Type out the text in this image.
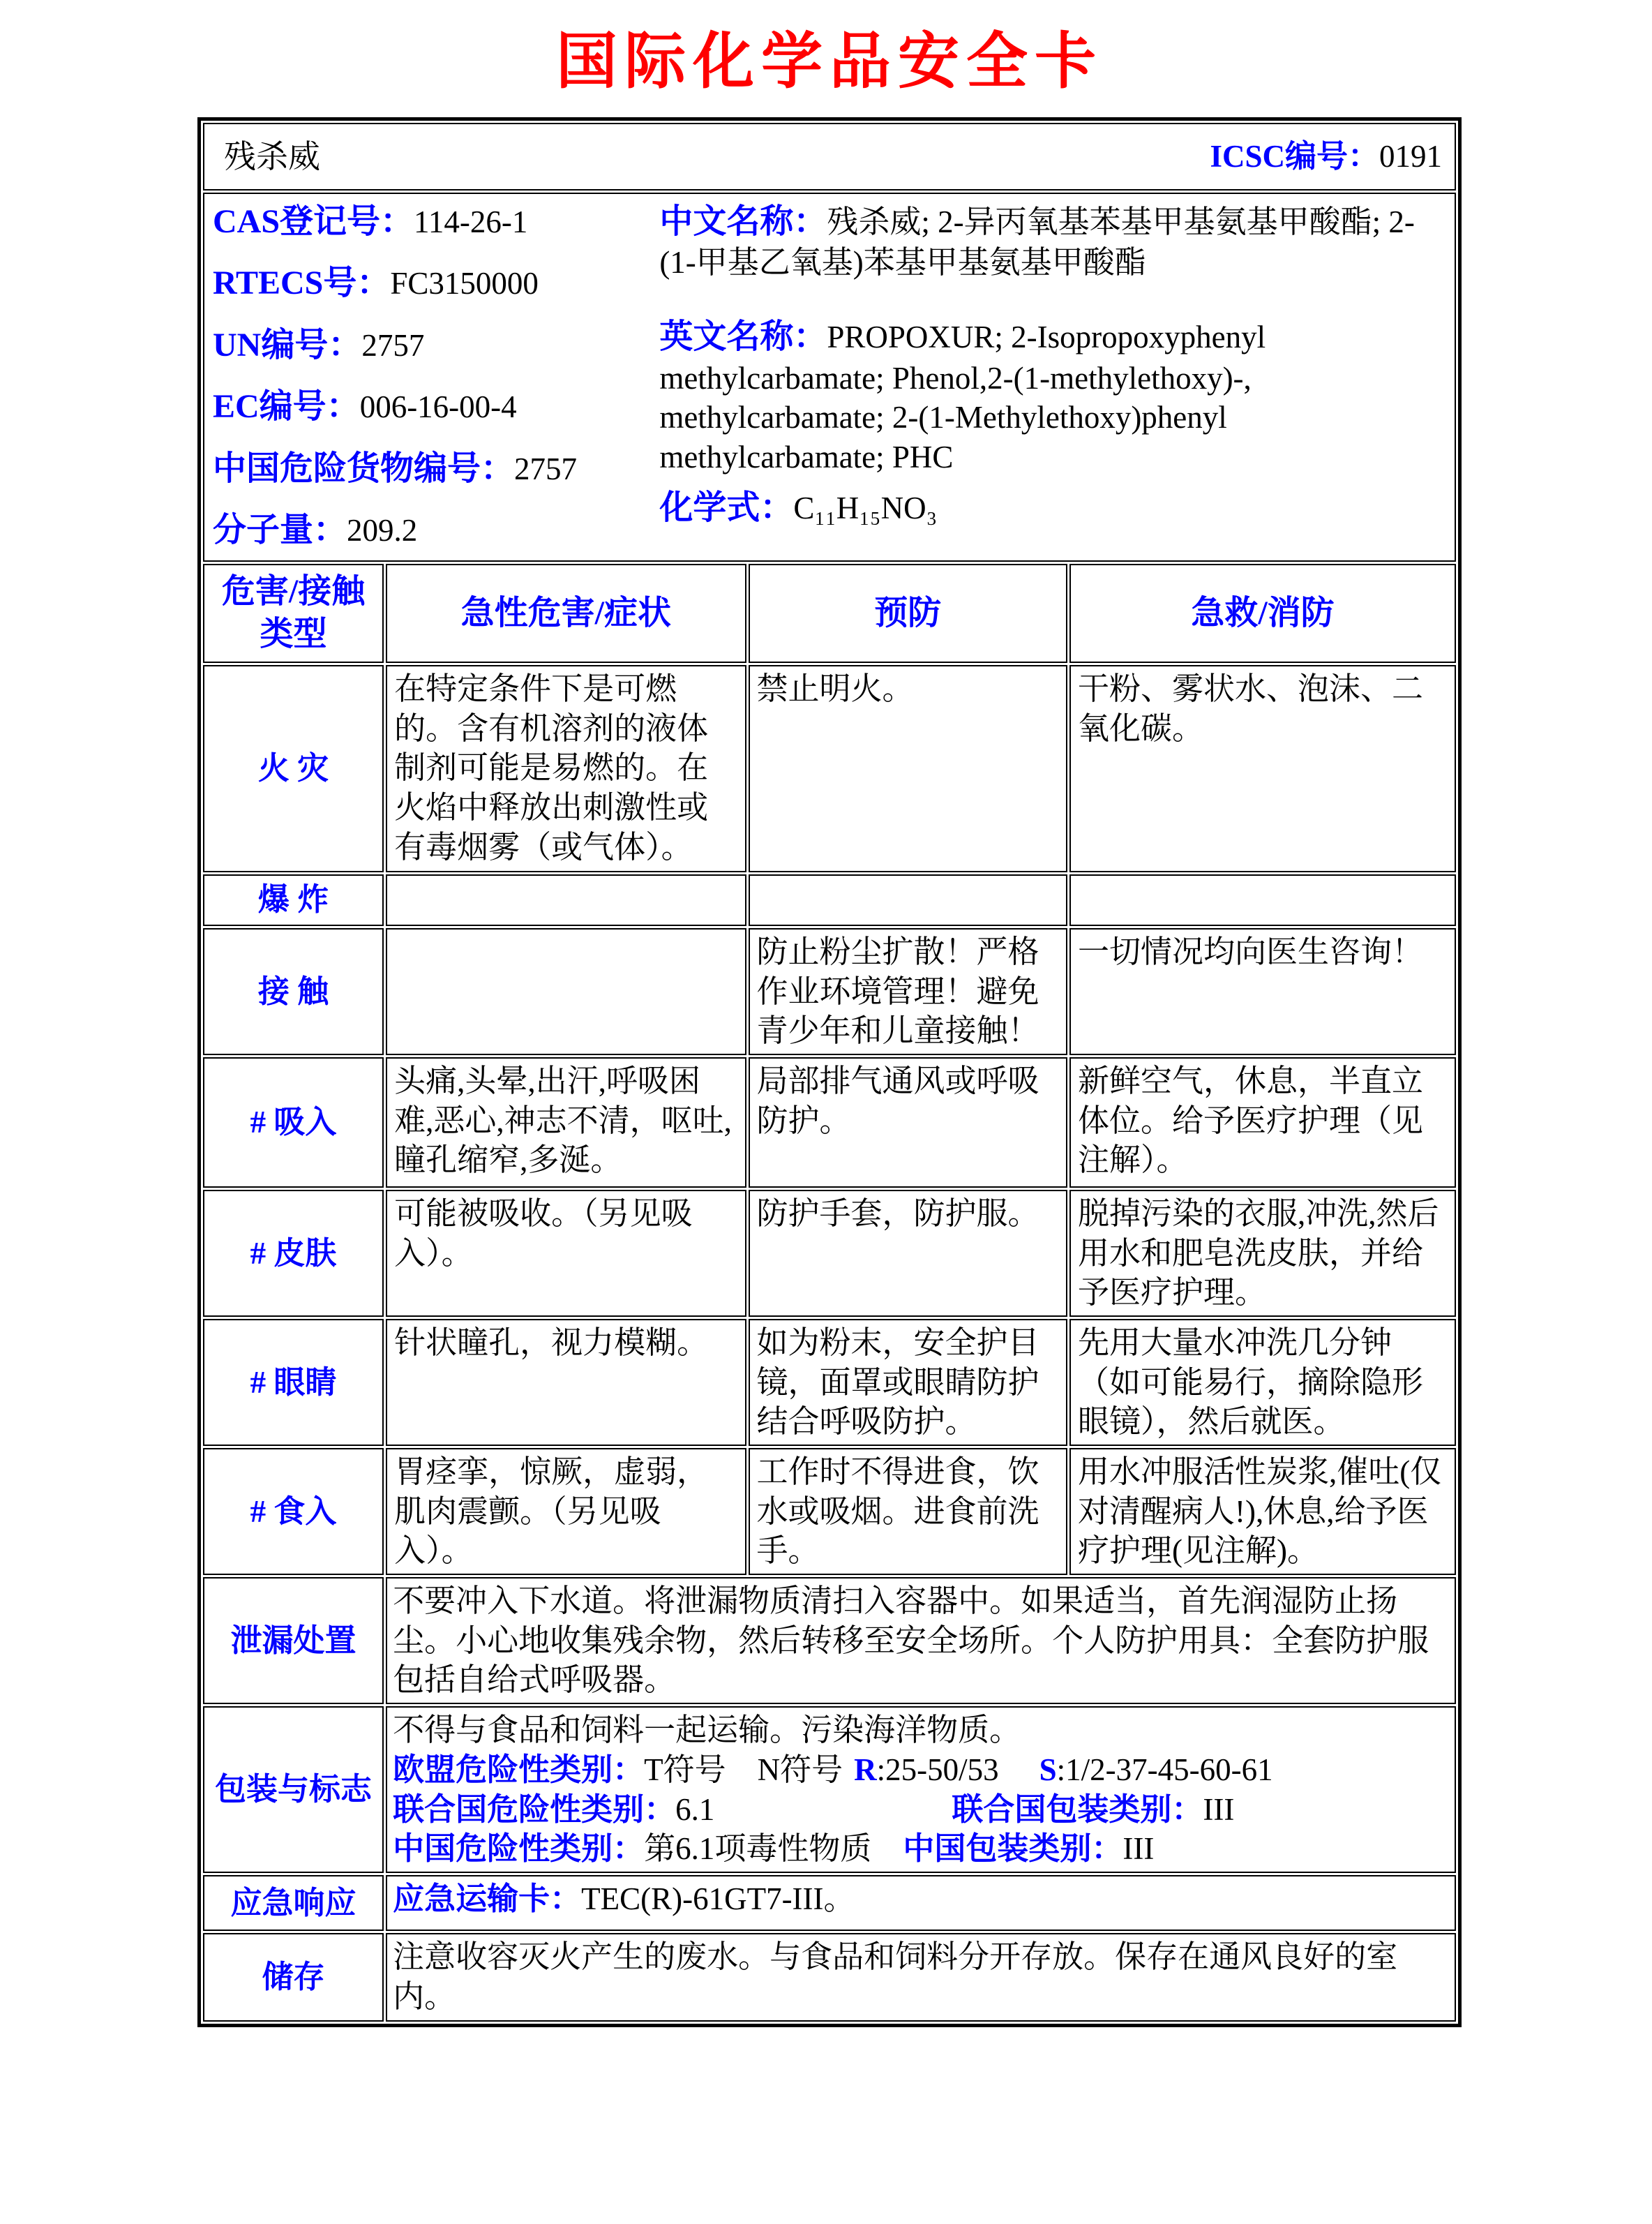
国际化学品安全卡
残杀威 ICSC编号：0191			

CAS登记号：114-26-1
RTECS号：FC3150000
UN编号：2757
EC编号：006-16-00-4
中国危险货物编号：2757
分子量：209.2
中文名称：残杀威; 2-异丙氧基苯基甲基氨基甲酸酯; 2-(1-甲基乙氧基)苯基甲基氨基甲酸酯
英文名称：PROPOXUR; 2-Isopropoxyphenyl methylcarbamate; Phenol,2-(1-methylethoxy)-, methylcarbamate; 2-(1-Methylethoxy)phenyl methylcarbamate; PHC
化学式：C₁₁H₁₅NO₃

危害/接触类型	急性危害/症状	预防	急救/消防
火 灾	在特定条件下是可燃的。含有机溶剂的液体制剂可能是易燃的。在火焰中释放出刺激性或有毒烟雾（或气体）。	禁止明火。	干粉、雾状水、泡沫、二氧化碳。
爆 炸			
接 触		防止粉尘扩散！严格作业环境管理！避免青少年和儿童接触！	一切情况均向医生咨询！
# 吸入	头痛,头晕,出汗,呼吸困难,恶心,神志不清，呕吐,瞳孔缩窄,多涎。	局部排气通风或呼吸防护。	新鲜空气，休息，半直立体位。给予医疗护理（见注解）。
# 皮肤	可能被吸收。（另见吸入）。	防护手套，防护服。	脱掉污染的衣服,冲洗,然后用水和肥皂洗皮肤，并给予医疗护理。
# 眼睛	针状瞳孔，视力模糊。	如为粉末，安全护目镜，面罩或眼睛防护结合呼吸防护。	先用大量水冲洗几分钟（如可能易行，摘除隐形眼镜），然后就医。
# 食入	胃痉挛，惊厥，虚弱，肌肉震颤。（另见吸入）。	工作时不得进食，饮水或吸烟。进食前洗手。	用水冲服活性炭浆,催吐(仅对清醒病人!),休息,给予医疗护理(见注解)。
泄漏处置	不要冲入下水道。将泄漏物质清扫入容器中。如果适当，首先润湿防止扬尘。小心地收集残余物，然后转移至安全场所。个人防护用具：全套防护服包括自给式呼吸器。		
包装与标志	不得与食品和饲料一起运输。污染海洋物质。
欧盟危险性类别：T符号　N符号 R:25-50/53 S:1/2-37-45-60-61
联合国危险性类别：6.1 联合国包装类别：III
中国危险性类别：第6.1项毒性物质 中国包装类别：III		

应急响应	应急运输卡：TEC(R)-61GT7-III。		
储存	注意收容灭火产生的废水。与食品和饲料分开存放。保存在通风良好的室内。		
